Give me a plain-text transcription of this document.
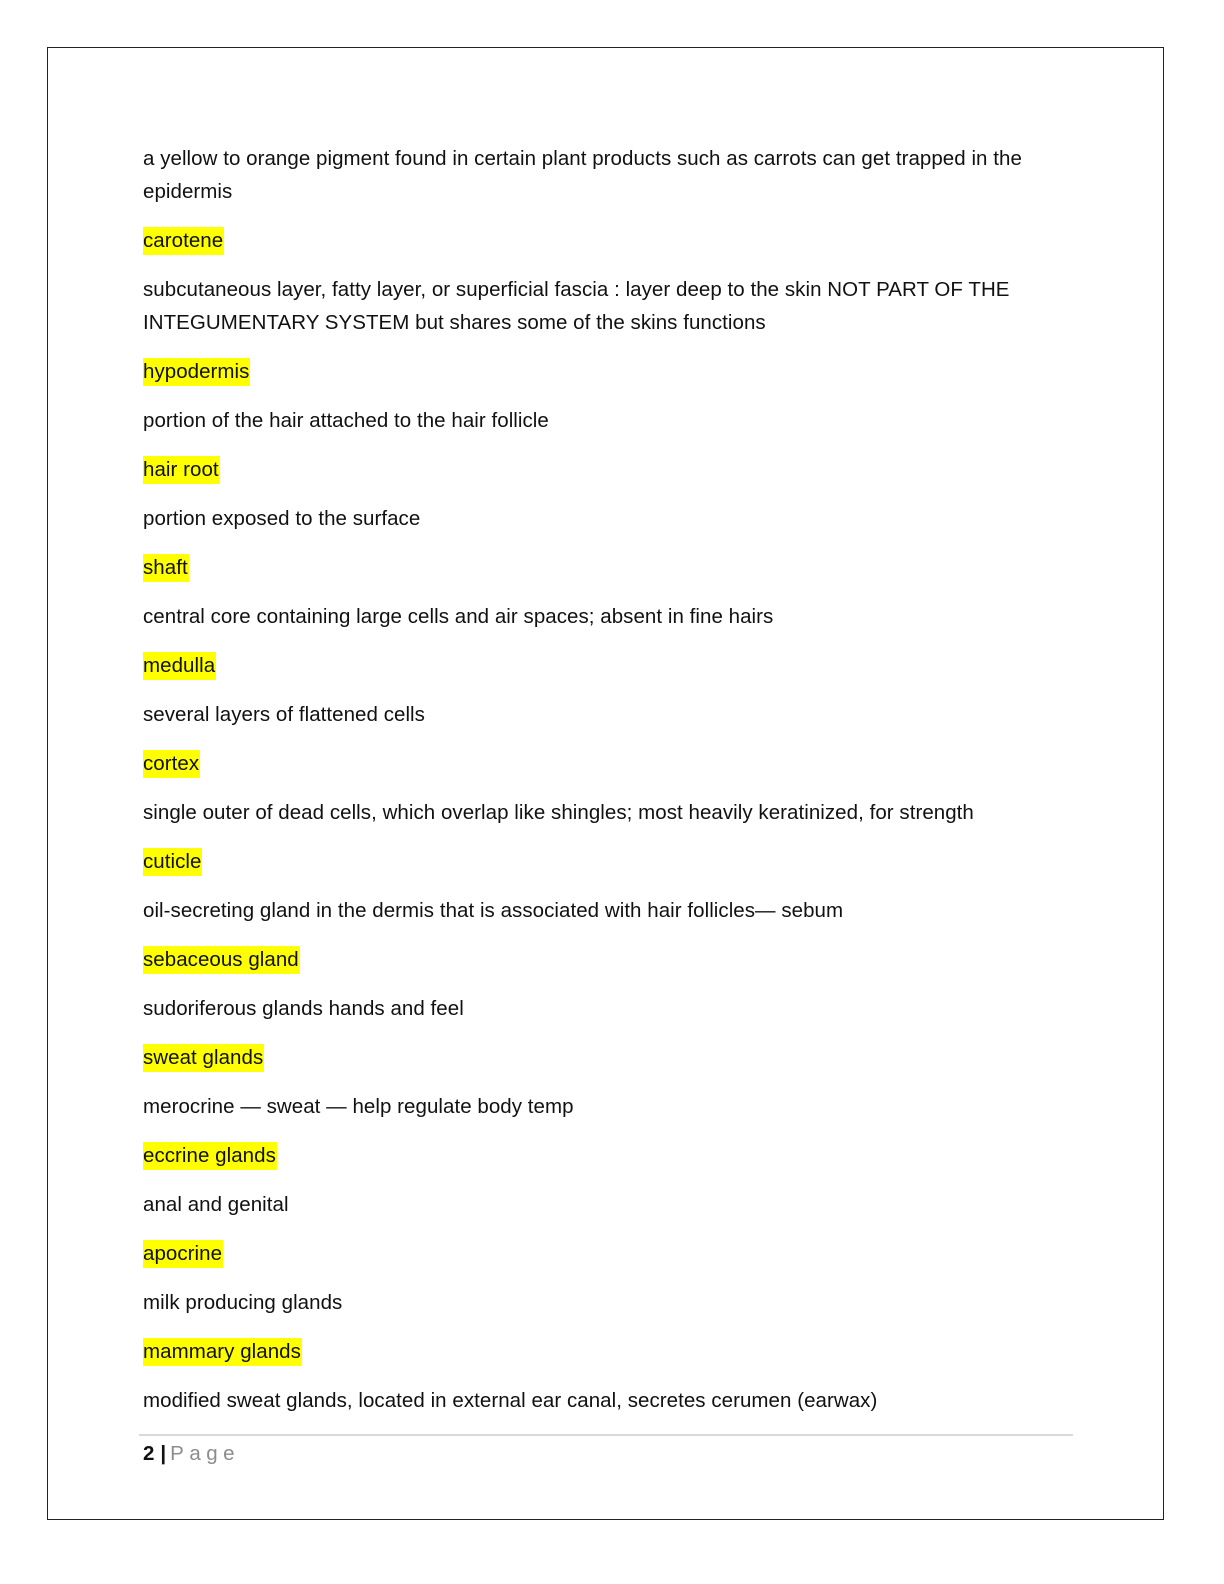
a yellow to orange pigment found in certain plant products such as carrots can get trapped in the epidermis

carotene

subcutaneous layer, fatty layer, or superficial fascia : layer deep to the skin NOT PART OF THE INTEGUMENTARY SYSTEM but shares some of the skins functions

hypodermis

portion of the hair attached to the hair follicle

hair root

portion exposed to the surface

shaft

central core containing large cells and air spaces; absent in fine hairs

medulla

several layers of flattened cells

cortex

single outer of dead cells, which overlap like shingles; most heavily keratinized, for strength

cuticle

oil-secreting gland in the dermis that is associated with hair follicles— sebum

sebaceous gland

sudoriferous glands hands and feel

sweat glands

merocrine — sweat — help regulate body temp

eccrine glands

anal and genital

apocrine

milk producing glands

mammary glands

modified sweat glands, located in external ear canal, secretes cerumen (earwax)

2 | Page
